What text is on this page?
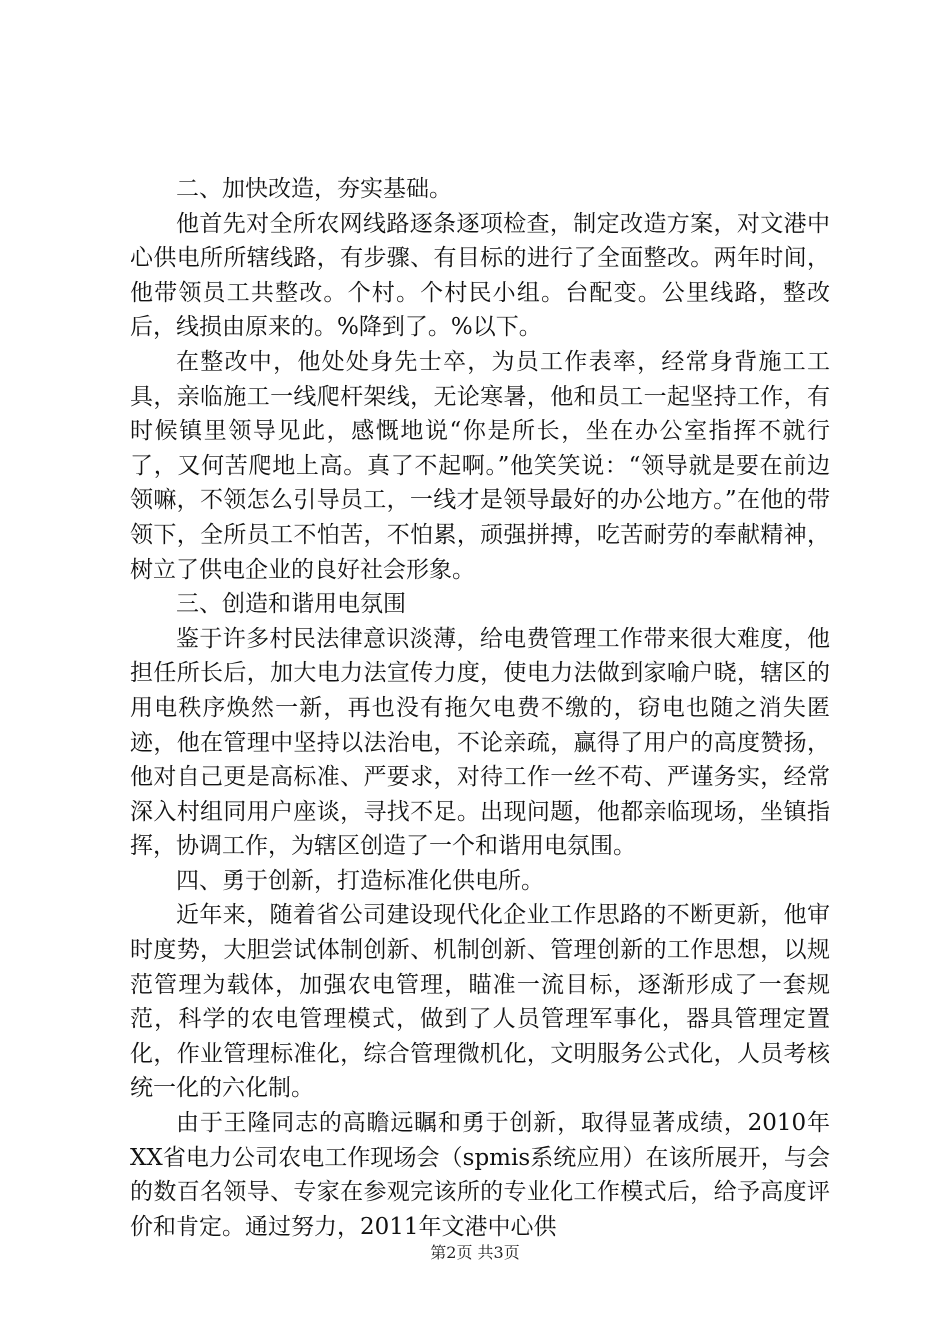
二、加快改造，夯实基础。

他首先对全所农网线路逐条逐项检查，制定改造方案，对文港中心供电所所辖线路，有步骤、有目标的进行了全面整改。两年时间，他带领员工共整改。个村。个村民小组。台配变。公里线路，整改后，线损由原来的。%降到了。%以下。

在整改中，他处处身先士卒，为员工作表率，经常身背施工工具，亲临施工一线爬杆架线，无论寒暑，他和员工一起坚持工作，有时候镇里领导见此，感慨地说“你是所长，坐在办公室指挥不就行了，又何苦爬地上高。真了不起啊。”他笑笑说：“领导就是要在前边领嘛，不领怎么引导员工，一线才是领导最好的办公地方。”在他的带领下，全所员工不怕苦，不怕累，顽强拼搏，吃苦耐劳的奉献精神，树立了供电企业的良好社会形象。

三、创造和谐用电氛围

鉴于许多村民法律意识淡薄，给电费管理工作带来很大难度，他担任所长后，加大电力法宣传力度，使电力法做到家喻户晓，辖区的用电秩序焕然一新，再也没有拖欠电费不缴的，窃电也随之消失匿迹，他在管理中坚持以法治电，不论亲疏，赢得了用户的高度赞扬，他对自己更是高标准、严要求，对待工作一丝不苟、严谨务实，经常深入村组同用户座谈，寻找不足。出现问题，他都亲临现场，坐镇指挥，协调工作，为辖区创造了一个和谐用电氛围。

四、勇于创新，打造标准化供电所。

近年来，随着省公司建设现代化企业工作思路的不断更新，他审时度势，大胆尝试体制创新、机制创新、管理创新的工作思想，以规范管理为载体，加强农电管理，瞄准一流目标，逐渐形成了一套规范，科学的农电管理模式，做到了人员管理军事化，器具管理定置化，作业管理标准化，综合管理微机化，文明服务公式化，人员考核统一化的六化制。

由于王隆同志的高瞻远瞩和勇于创新，取得显著成绩，2010年XX省电力公司农电工作现场会（spmis系统应用）在该所展开，与会的数百名领导、专家在参观完该所的专业化工作模式后，给予高度评价和肯定。通过努力，2011年文港中心供

第2页 共3页
